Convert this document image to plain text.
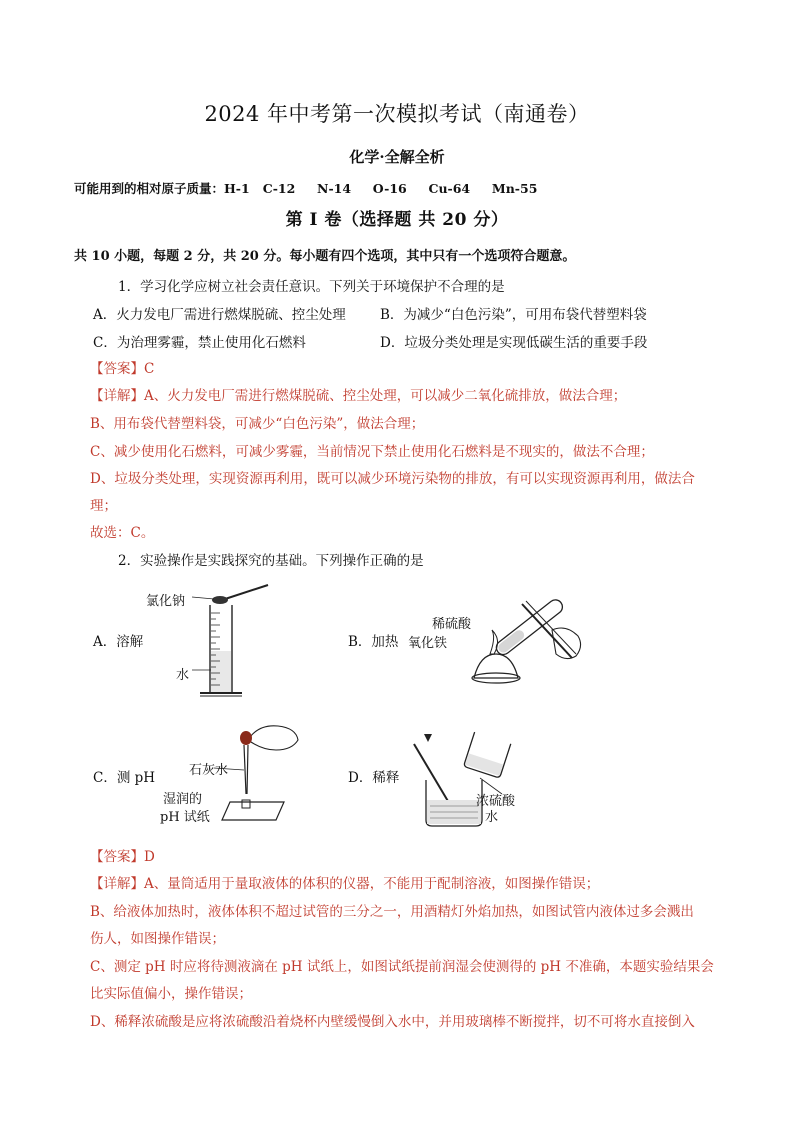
2024 年中考第一次模拟考试（南通卷）
化学·全解全析
可能用到的相对原子质量：H-1   C-12     N-14     O-16     Cu-64     Mn-55
第 I 卷（选择题 共 20 分）
共 10 小题，每题 2 分，共 20 分。每小题有四个选项，其中只有一个选项符合题意。
1．学习化学应树立社会责任意识。下列关于环境保护不合理的是
A．火力发电厂需进行燃煤脱硫、控尘处理	B．为减少“白色污染”，可用布袋代替塑料袋
C．为治理雾霾，禁止使用化石燃料	D．垃圾分类处理是实现低碳生活的重要手段
【答案】C
【详解】A、火力发电厂需进行燃煤脱硫、控尘处理，可以减少二氧化硫排放，做法合理；
B、用布袋代替塑料袋，可减少“白色污染”，做法合理；
C、减少使用化石燃料，可减少雾霾，当前情况下禁止使用化石燃料是不现实的，做法不合理；
D、垃圾分类处理，实现资源再利用，既可以减少环境污染物的排放，有可以实现资源再利用，做法合
理；
故选：C。
2．实验操作是实践探究的基础。下列操作正确的是
A．溶解
氯化钠
水
B．加热
稀硫酸
氧化铁
C．测 pH	石灰水
湿润的
pH 试纸
D．稀释
浓硫酸
水
【答案】D
【详解】A、量筒适用于量取液体的体积的仪器，不能用于配制溶液，如图操作错误；
B、给液体加热时，液体体积不超过试管的三分之一，用酒精灯外焰加热，如图试管内液体过多会溅出
伤人，如图操作错误；
C、测定 pH 时应将待测液滴在 pH 试纸上，如图试纸提前润湿会使测得的 pH 不准确，本题实验结果会
比实际值偏小，操作错误；
D、稀释浓硫酸是应将浓硫酸沿着烧杯内壁缓慢倒入水中，并用玻璃棒不断搅拌，切不可将水直接倒入
